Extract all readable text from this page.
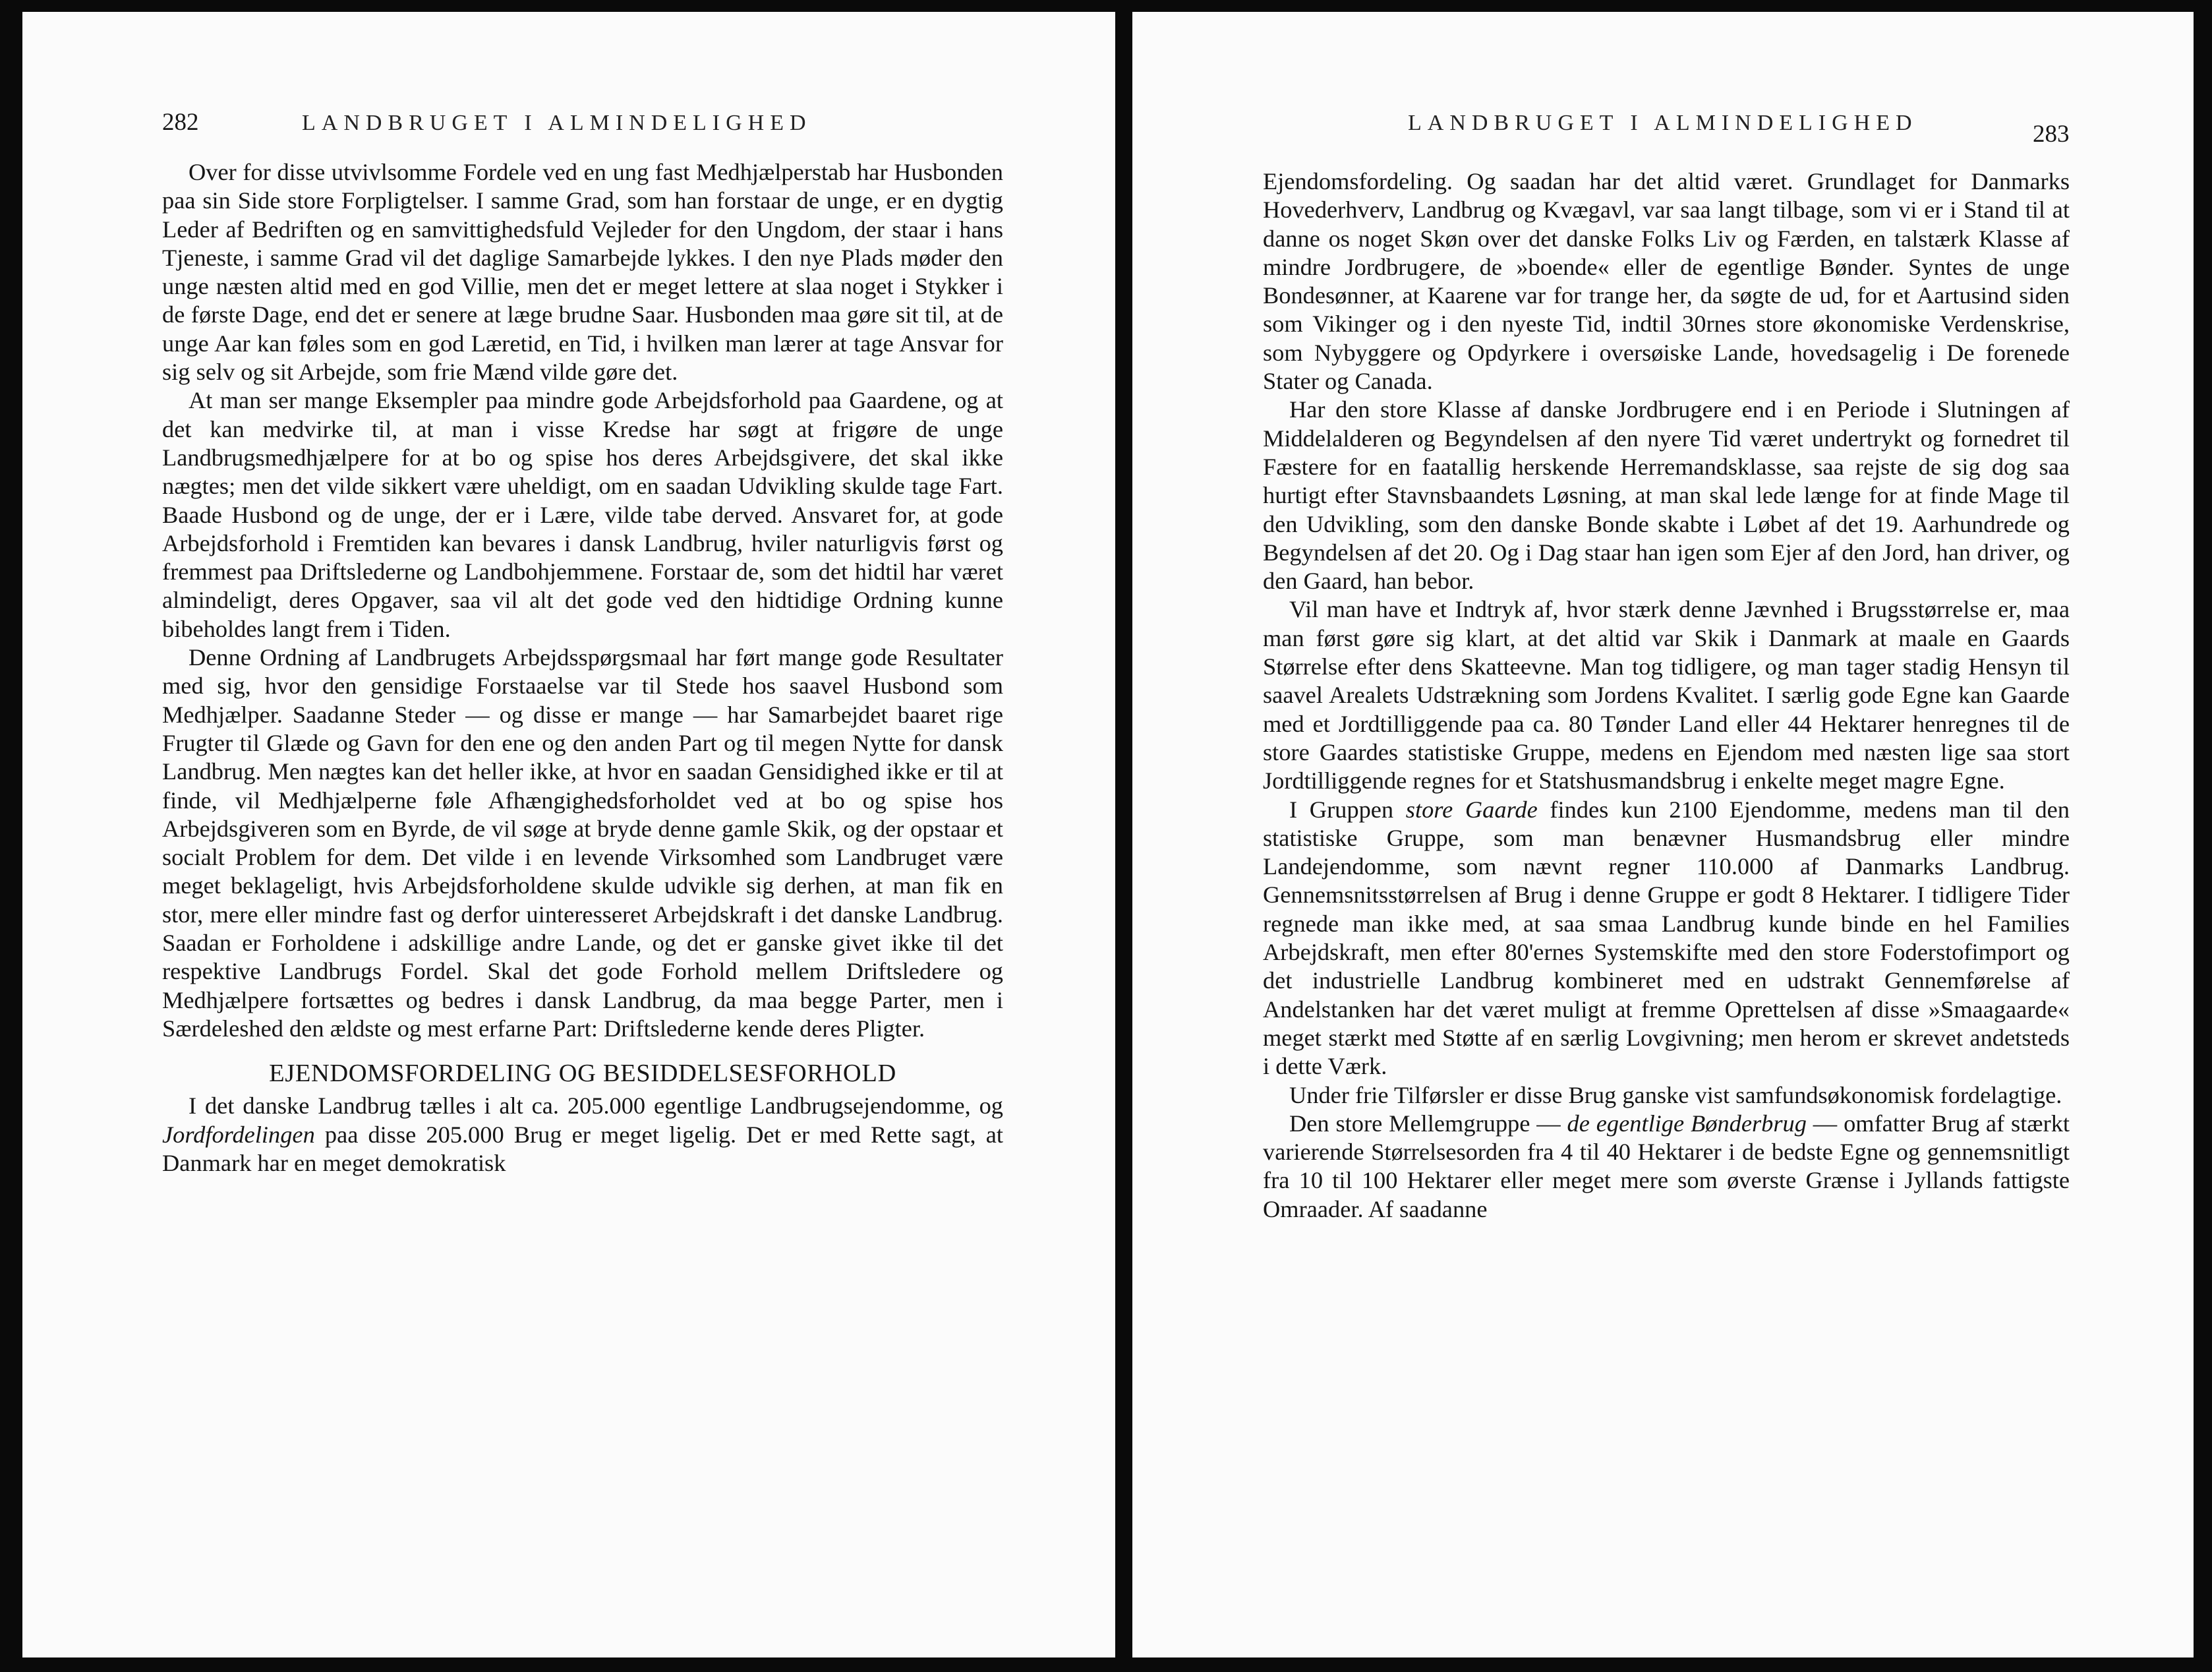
282	LANDBRUGET I ALMINDELIGHED

Over for disse utvivlsomme Fordele ved en ung fast Medhjælperstab har Husbonden paa sin Side store Forpligtelser. I samme Grad, som han forstaar de unge, er en dygtig Leder af Bedriften og en samvittighedsfuld Vejleder for den Ungdom, der staar i hans Tjeneste, i samme Grad vil det daglige Samarbejde lykkes. I den nye Plads møder den unge næsten altid med en god Villie, men det er meget lettere at slaa noget i Stykker i de første Dage, end det er senere at læge brudne Saar. Husbonden maa gøre sit til, at de unge Aar kan føles som en god Læretid, en Tid, i hvilken man lærer at tage Ansvar for sig selv og sit Arbejde, som frie Mænd vilde gøre det.

At man ser mange Eksempler paa mindre gode Arbejdsforhold paa Gaardene, og at det kan medvirke til, at man i visse Kredse har søgt at frigøre de unge Landbrugsmedhjælpere for at bo og spise hos deres Arbejdsgivere, det skal ikke nægtes; men det vilde sikkert være uheldigt, om en saadan Udvikling skulde tage Fart. Baade Husbond og de unge, der er i Lære, vilde tabe derved. Ansvaret for, at gode Arbejdsforhold i Fremtiden kan bevares i dansk Landbrug, hviler naturligvis først og fremmest paa Driftslederne og Landbohjemmene. Forstaar de, som det hidtil har været almindeligt, deres Opgaver, saa vil alt det gode ved den hidtidige Ordning kunne bibeholdes langt frem i Tiden.

Denne Ordning af Landbrugets Arbejdsspørgsmaal har ført mange gode Resultater med sig, hvor den gensidige Forstaaelse var til Stede hos saavel Husbond som Medhjælper. Saadanne Steder — og disse er mange — har Samarbejdet baaret rige Frugter til Glæde og Gavn for den ene og den anden Part og til megen Nytte for dansk Landbrug. Men nægtes kan det heller ikke, at hvor en saadan Gensidighed ikke er til at finde, vil Medhjælperne føle Afhængighedsforholdet ved at bo og spise hos Arbejdsgiveren som en Byrde, de vil søge at bryde denne gamle Skik, og der opstaar et socialt Problem for dem. Det vilde i en levende Virksomhed som Landbruget være meget beklageligt, hvis Arbejdsforholdene skulde udvikle sig derhen, at man fik en stor, mere eller mindre fast og derfor uinteresseret Arbejdskraft i det danske Landbrug. Saadan er Forholdene i adskillige andre Lande, og det er ganske givet ikke til det respektive Landbrugs Fordel. Skal det gode Forhold mellem Driftsledere og Medhjælpere fortsættes og bedres i dansk Landbrug, da maa begge Parter, men i Særdeleshed den ældste og mest erfarne Part: Driftslederne kende deres Pligter.

EJENDOMSFORDELING OG BESIDDELSESFORHOLD

I det danske Landbrug tælles i alt ca. 205.000 egentlige Landbrugsejendomme, og Jordfordelingen paa disse 205.000 Brug er meget ligelig. Det er med Rette sagt, at Danmark har en meget demokratisk

LANDBRUGET I ALMINDELIGHED	283

Ejendomsfordeling. Og saadan har det altid været. Grundlaget for Danmarks Hovederhverv, Landbrug og Kvægavl, var saa langt tilbage, som vi er i Stand til at danne os noget Skøn over det danske Folks Liv og Færden, en talstærk Klasse af mindre Jordbrugere, de »boende« eller de egentlige Bønder. Syntes de unge Bondesønner, at Kaarene var for trange her, da søgte de ud, for et Aartusind siden som Vikinger og i den nyeste Tid, indtil 30rnes store økonomiske Verdenskrise, som Nybyggere og Opdyrkere i oversøiske Lande, hovedsagelig i De forenede Stater og Canada.

Har den store Klasse af danske Jordbrugere end i en Periode i Slutningen af Middelalderen og Begyndelsen af den nyere Tid været undertrykt og fornedret til Fæstere for en faatallig herskende Herremandsklasse, saa rejste de sig dog saa hurtigt efter Stavnsbaandets Løsning, at man skal lede længe for at finde Mage til den Udvikling, som den danske Bonde skabte i Løbet af det 19. Aarhundrede og Begyndelsen af det 20. Og i Dag staar han igen som Ejer af den Jord, han driver, og den Gaard, han bebor.

Vil man have et Indtryk af, hvor stærk denne Jævnhed i Brugsstørrelse er, maa man først gøre sig klart, at det altid var Skik i Danmark at maale en Gaards Størrelse efter dens Skatteevne. Man tog tidligere, og man tager stadig Hensyn til saavel Arealets Udstrækning som Jordens Kvalitet. I særlig gode Egne kan Gaarde med et Jordtilliggende paa ca. 80 Tønder Land eller 44 Hektarer henregnes til de store Gaardes statistiske Gruppe, medens en Ejendom med næsten lige saa stort Jordtilliggende regnes for et Statshusmandsbrug i enkelte meget magre Egne.

I Gruppen store Gaarde findes kun 2100 Ejendomme, medens man til den statistiske Gruppe, som man benævner Husmandsbrug eller mindre Landejendomme, som nævnt regner 110.000 af Danmarks Landbrug. Gennemsnitsstørrelsen af Brug i denne Gruppe er godt 8 Hektarer. I tidligere Tider regnede man ikke med, at saa smaa Landbrug kunde binde en hel Families Arbejdskraft, men efter 80'ernes Systemskifte med den store Foderstofimport og det industrielle Landbrug kombineret med en udstrakt Gennemførelse af Andelstanken har det været muligt at fremme Oprettelsen af disse »Smaagaarde« meget stærkt med Støtte af en særlig Lovgivning; men herom er skrevet andetsteds i dette Værk.

Under frie Tilførsler er disse Brug ganske vist samfundsøkonomisk fordelagtige.

Den store Mellemgruppe — de egentlige Bønderbrug — omfatter Brug af stærkt varierende Størrelsesorden fra 4 til 40 Hektarer i de bedste Egne og gennemsnitligt fra 10 til 100 Hektarer eller meget mere som øverste Grænse i Jyllands fattigste Omraader. Af saadanne
